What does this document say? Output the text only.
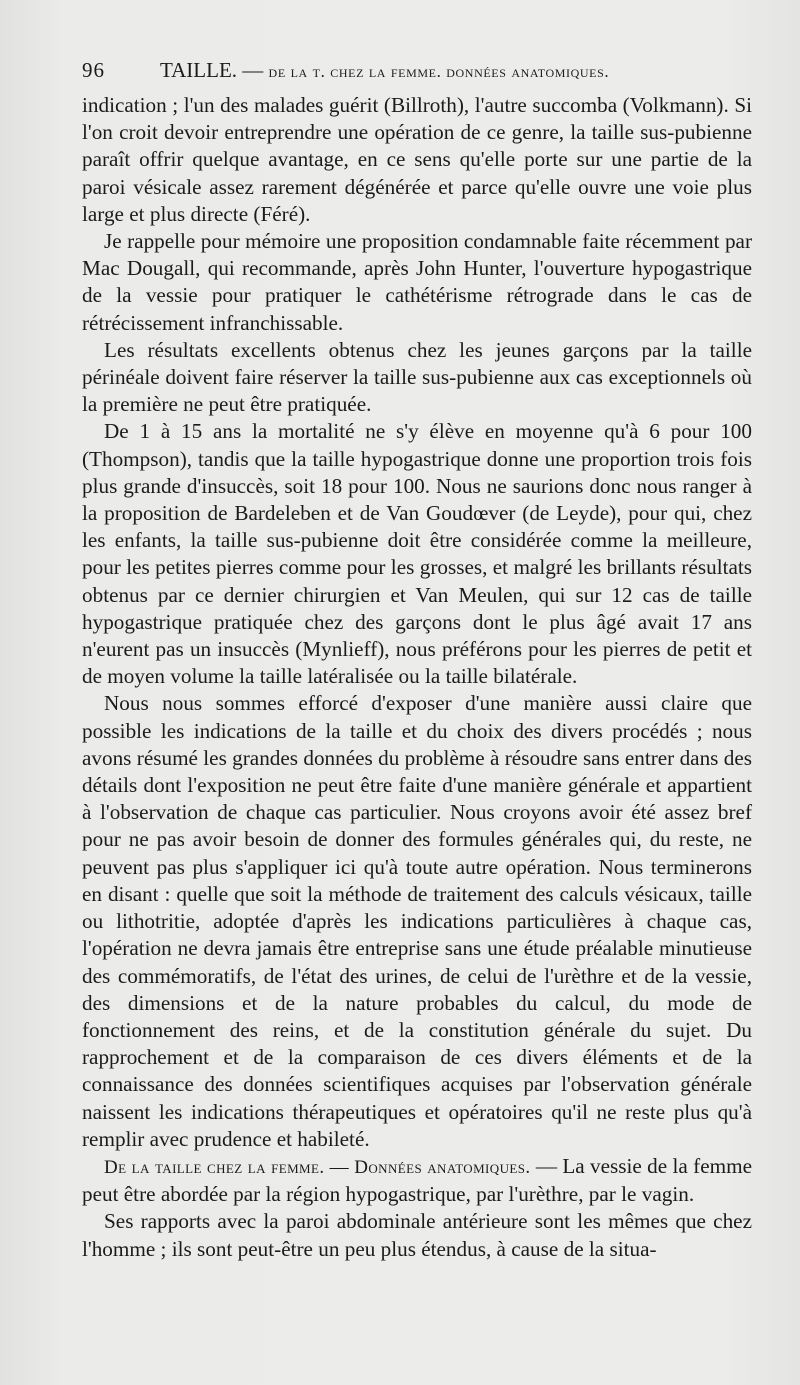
96	TAILLE. — de la t. chez la femme. données anatomiques.

indication ; l'un des malades guérit (Billroth), l'autre succomba (Volkmann). Si l'on croit devoir entreprendre une opération de ce genre, la taille sus-pubienne paraît offrir quelque avantage, en ce sens qu'elle porte sur une partie de la paroi vésicale assez rarement dégénérée et parce qu'elle ouvre une voie plus large et plus directe (Féré).

Je rappelle pour mémoire une proposition condamnable faite récemment par Mac Dougall, qui recommande, après John Hunter, l'ouverture hypogastrique de la vessie pour pratiquer le cathétérisme rétrograde dans le cas de rétrécissement infranchissable.

Les résultats excellents obtenus chez les jeunes garçons par la taille périnéale doivent faire réserver la taille sus-pubienne aux cas exceptionnels où la première ne peut être pratiquée.

De 1 à 15 ans la mortalité ne s'y élève en moyenne qu'à 6 pour 100 (Thompson), tandis que la taille hypogastrique donne une proportion trois fois plus grande d'insuccès, soit 18 pour 100. Nous ne saurions donc nous ranger à la proposition de Bardeleben et de Van Goudœver (de Leyde), pour qui, chez les enfants, la taille sus-pubienne doit être considérée comme la meilleure, pour les petites pierres comme pour les grosses, et malgré les brillants résultats obtenus par ce dernier chirurgien et Van Meulen, qui sur 12 cas de taille hypogastrique pratiquée chez des garçons dont le plus âgé avait 17 ans n'eurent pas un insuccès (Mynlieff), nous préférons pour les pierres de petit et de moyen volume la taille latéralisée ou la taille bilatérale.

Nous nous sommes efforcé d'exposer d'une manière aussi claire que possible les indications de la taille et du choix des divers procédés ; nous avons résumé les grandes données du problème à résoudre sans entrer dans des détails dont l'exposition ne peut être faite d'une manière générale et appartient à l'observation de chaque cas particulier. Nous croyons avoir été assez bref pour ne pas avoir besoin de donner des formules générales qui, du reste, ne peuvent pas plus s'appliquer ici qu'à toute autre opération. Nous terminerons en disant : quelle que soit la méthode de traitement des calculs vésicaux, taille ou lithotritie, adoptée d'après les indications particulières à chaque cas, l'opération ne devra jamais être entreprise sans une étude préalable minutieuse des commémoratifs, de l'état des urines, de celui de l'urèthre et de la vessie, des dimensions et de la nature probables du calcul, du mode de fonctionnement des reins, et de la constitution générale du sujet. Du rapprochement et de la comparaison de ces divers éléments et de la connaissance des données scientifiques acquises par l'observation générale naissent les indications thérapeutiques et opératoires qu'il ne reste plus qu'à remplir avec prudence et habileté.

De la taille chez la femme. — Données anatomiques. — La vessie de la femme peut être abordée par la région hypogastrique, par l'urèthre, par le vagin.

Ses rapports avec la paroi abdominale antérieure sont les mêmes que chez l'homme ; ils sont peut-être un peu plus étendus, à cause de la situa-
